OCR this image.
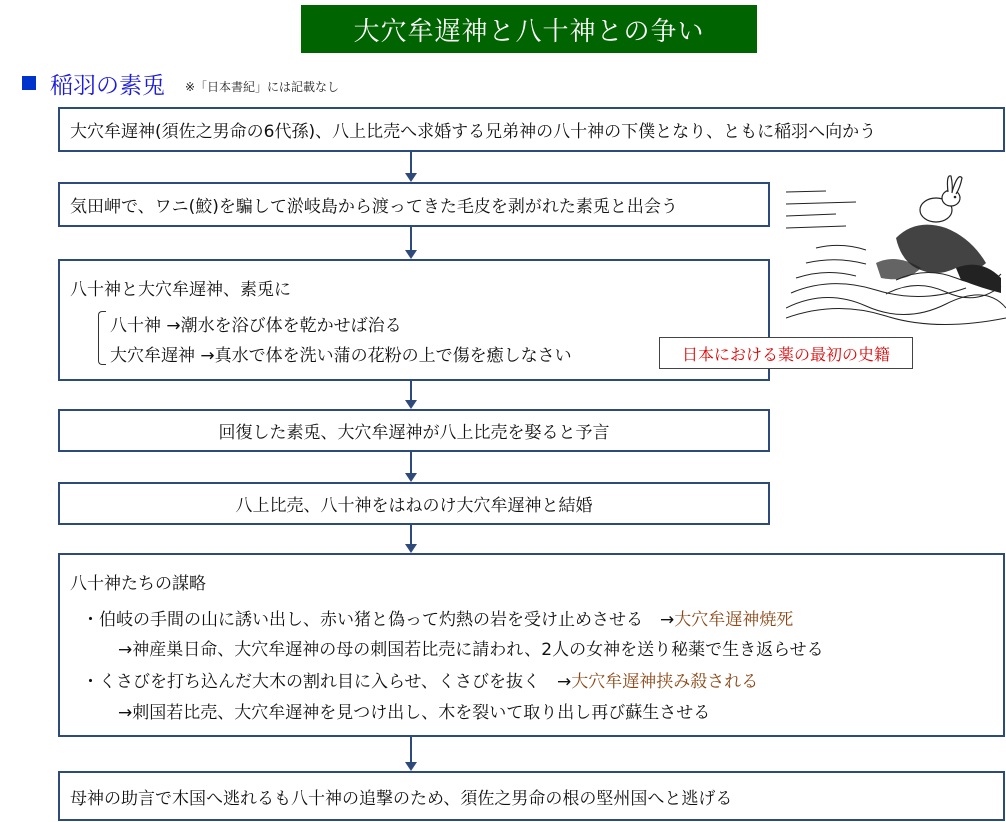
大穴牟遅神と八十神との争い
稲羽の素兎 ※「日本書紀」には記載なし
大穴牟遅神(須佐之男命の6代孫)、八上比売へ求婚する兄弟神の八十神の下僕となり、ともに稲羽へ向かう
気田岬で、ワニ(鮫)を騙して淤岐島から渡ってきた毛皮を剥がれた素兎と出会う
八十神と大穴牟遅神、素兎に
八十神 →潮水を浴び体を乾かせば治る
大穴牟遅神 →真水で体を洗い蒲の花粉の上で傷を癒しなさい	日本における薬の最初の史籍
回復した素兎、大穴牟遅神が八上比売を娶ると予言
八上比売、八十神をはねのけ大穴牟遅神と結婚
八十神たちの謀略
・伯岐の手間の山に誘い出し、赤い猪と偽って灼熱の岩を受け止めさせる　→大穴牟遅神焼死
→神産巣日命、大穴牟遅神の母の刺国若比売に請われ、2人の女神を送り秘薬で生き返らせる
・くさびを打ち込んだ大木の割れ目に入らせ、くさびを抜く　→大穴牟遅神挟み殺される
→刺国若比売、大穴牟遅神を見つけ出し、木を裂いて取り出し再び蘇生させる
母神の助言で木国へ逃れるも八十神の追撃のため、須佐之男命の根の堅州国へと逃げる
